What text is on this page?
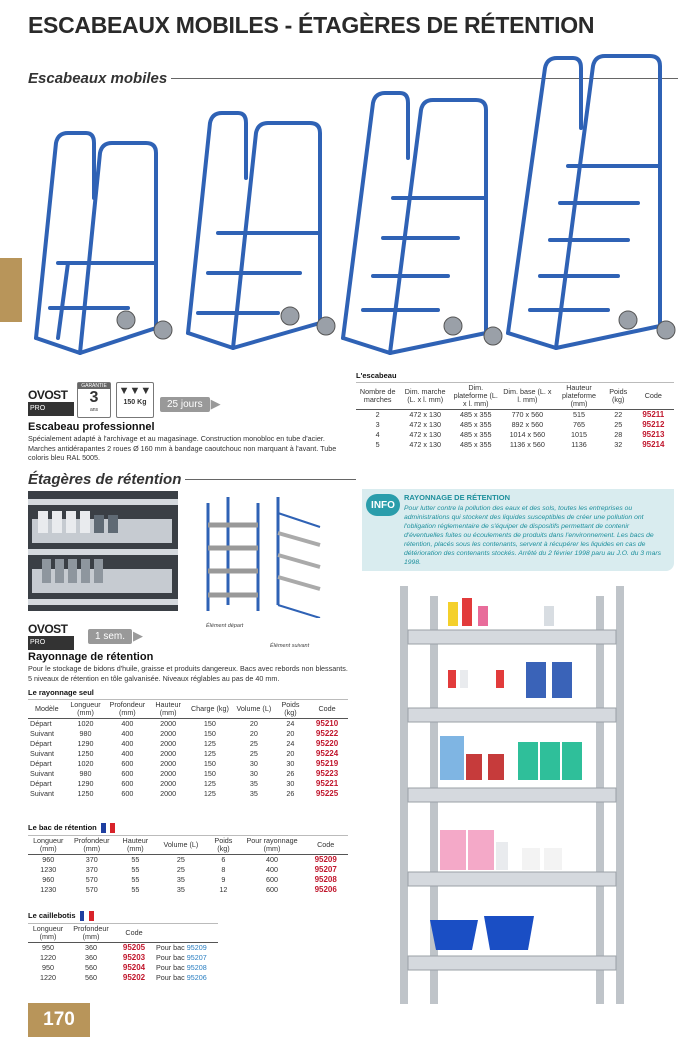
ESCABEAUX MOBILES - ÉTAGÈRES DE RÉTENTION
Escabeaux mobiles
OVOST
PRO
GARANTIE
3
ans
▼▼▼
150 Kg	25 jours ▶
Escabeau professionnel
Spécialement adapté à l'archivage et au magasinage. Construction monobloc en tube d'acier. Marches antidérapantes 2 roues Ø 160 mm à bandage caoutchouc non marquant à l'avant. Tube coloris bleu RAL 5005.
L'escabeau
Nombre de marches	Dim. marche (L. x l. mm)	Dim. plateforme (L. x l. mm)	Dim. base (L. x l. mm)	Hauteur plateforme (mm)	Poids (kg)	Code
2	472 x 130	485 x 355	770 x 560	515	22	95211
3	472 x 130	485 x 355	892 x 560	765	25	95212
4	472 x 130	485 x 355	1014 x 560	1015	28	95213
5	472 x 130	485 x 355	1136 x 560	1136	32	95214
Étagères de rétention
Élément départ
Élément suivant
INFO
RAYONNAGE DE RÉTENTION
Pour lutter contre la pollution des eaux et des sols, toutes les entreprises ou administrations qui stockent des liquides susceptibles de créer une pollution ont l'obligation réglementaire de s'équiper de dispositifs permettant de contenir d'éventuelles fuites ou écoulements de produits dans l'environnement. Les bacs de rétention, placés sous les contenants, servent à récupérer les liquides en cas de détérioration des contenants stockés. Arrêté du 2 février 1998 paru au J.O. du 3 mars 1998.
OVOST
PRO
1 sem. ▶
Rayonnage de rétention
Pour le stockage de bidons d'huile, graisse et produits dangereux. Bacs avec rebords non blessants. 5 niveaux de rétention en tôle galvanisée. Niveaux réglables au pas de 40 mm.
Le rayonnage seul
Modèle	Longueur (mm)	Profondeur (mm)	Hauteur (mm)	Charge (kg)	Volume (L)	Poids (kg)	Code
Départ	1020	400	2000	150	20	24	95210
Suivant	980	400	2000	150	20	20	95222
Départ	1290	400	2000	125	25	24	95220
Suivant	1250	400	2000	125	25	20	95224
Départ	1020	600	2000	150	30	30	95219
Suivant	980	600	2000	150	30	26	95223
Départ	1290	600	2000	125	35	30	95221
Suivant	1250	600	2000	125	35	26	95225
Le bac de rétention
Longueur (mm)	Profondeur (mm)	Hauteur (mm)	Volume (L)	Poids (kg)	Pour rayonnage (mm)	Code
960	370	55	25	6	400	95209
1230	370	55	25	8	400	95207
960	570	55	35	9	600	95208
1230	570	55	35	12	600	95206
Le caillebotis
Longueur (mm)	Profondeur (mm)	Code	
950	360	95205	Pour bac 95209
1220	360	95203	Pour bac 95207
950	560	95204	Pour bac 95208
1220	560	95202	Pour bac 95206
170
